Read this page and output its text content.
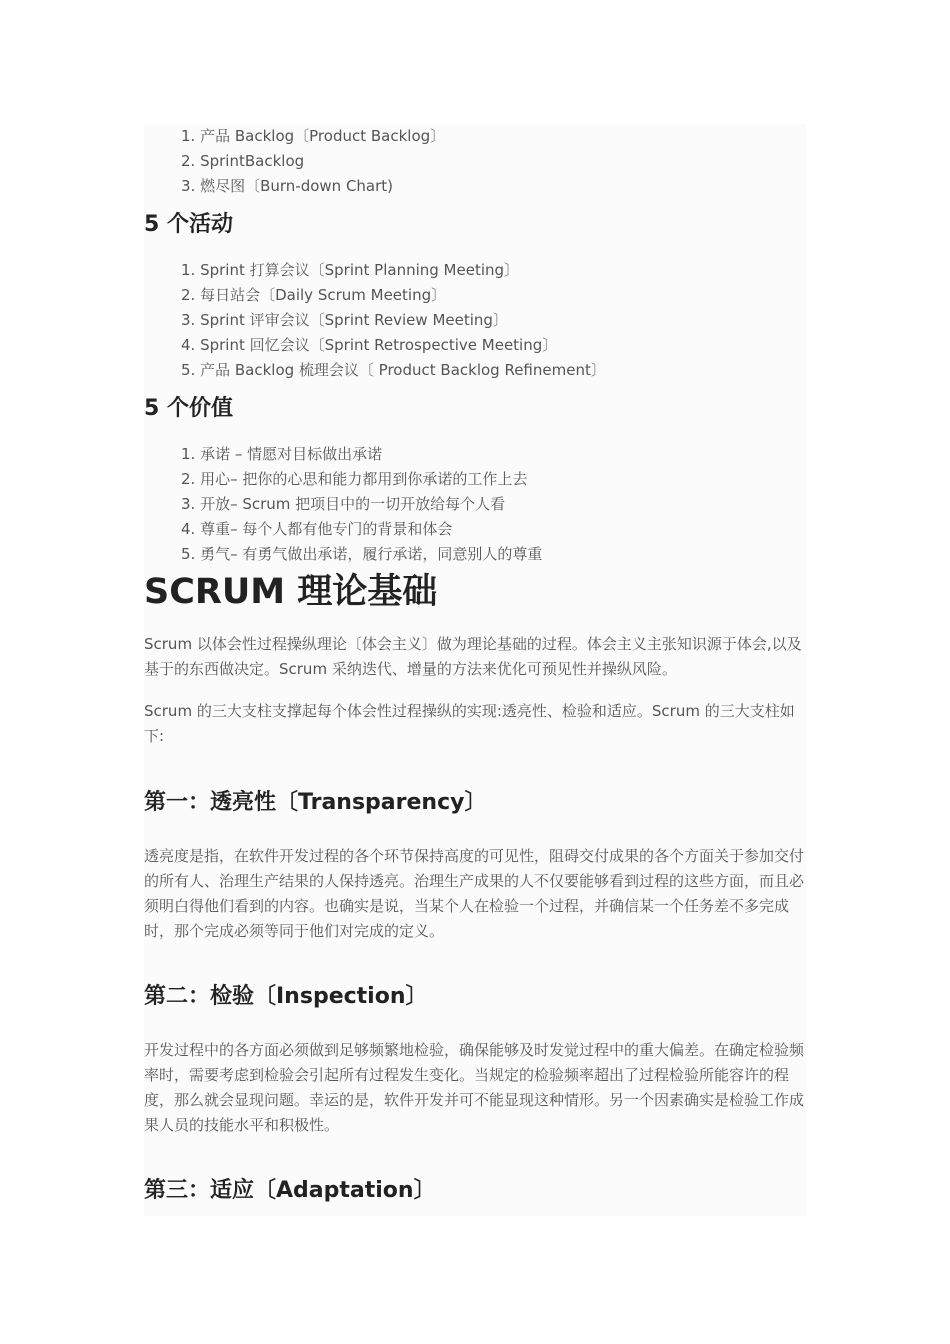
产品 Backlog〔Product Backlog〕
SprintBacklog
燃尽图〔Burn-down Chart)
5 个活动
Sprint 打算会议〔Sprint Planning Meeting〕
每日站会〔Daily Scrum Meeting〕
Sprint 评审会议〔Sprint Review Meeting〕
Sprint 回忆会议〔Sprint Retrospective Meeting〕
产品 Backlog 梳理会议〔 Product Backlog Refinement〕
5 个价值
承诺 – 情愿对目标做出承诺
用心– 把你的心思和能力都用到你承诺的工作上去
开放– Scrum 把项目中的一切开放给每个人看
尊重– 每个人都有他专门的背景和体会
勇气– 有勇气做出承诺，履行承诺，同意别人的尊重
SCRUM 理论基础

Scrum 以体会性过程操纵理论〔体会主义〕做为理论基础的过程。体会主义主张知识源于体会,以及基于的东西做决定。Scrum 采纳迭代、增量的方法来优化可预见性并操纵风险。

Scrum 的三大支柱支撑起每个体会性过程操纵的实现:透亮性、检验和适应。Scrum 的三大支柱如下:

第一：透亮性〔Transparency〕

透亮度是指，在软件开发过程的各个环节保持高度的可见性，阻碍交付成果的各个方面关于参加交付的所有人、治理生产结果的人保持透亮。治理生产成果的人不仅要能够看到过程的这些方面，而且必须明白得他们看到的内容。也确实是说，当某个人在检验一个过程，并确信某一个任务差不多完成时，那个完成必须等同于他们对完成的定义。

第二：检验〔Inspection〕

开发过程中的各方面必须做到足够频繁地检验，确保能够及时发觉过程中的重大偏差。在确定检验频率时，需要考虑到检验会引起所有过程发生变化。当规定的检验频率超出了过程检验所能容许的程度，那么就会显现问题。幸运的是，软件开发并可不能显现这种情形。另一个因素确实是检验工作成果人员的技能水平和积极性。

第三：适应〔Adaptation〕
